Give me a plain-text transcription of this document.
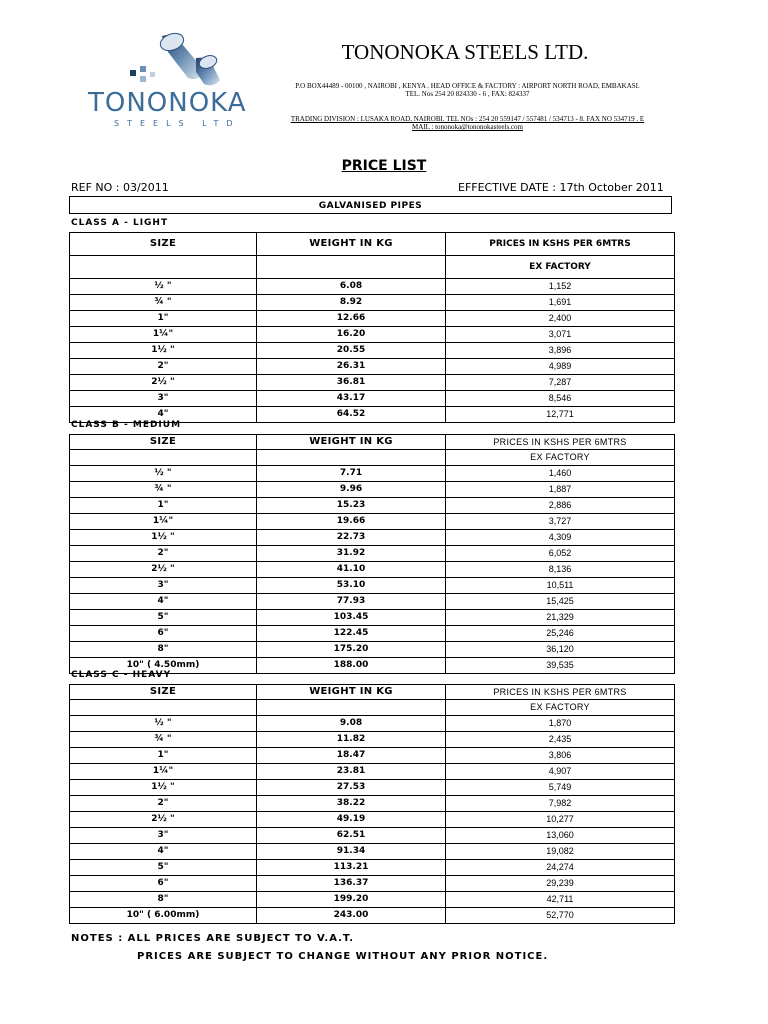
TONONOKA
STEELS LTD
TONONOKA STEELS LTD.
P.O BOX44489 - 00100 , NAIROBI , KENYA . HEAD OFFICE & FACTORY : AIRPORT NORTH ROAD, EMBAKASI.
TEL. Nos 254 20 824330 - 6 , FAX: 824337
TRADING DIVISION : LUSAKA ROAD, NAIROBI. TEL NOs : 254 20 559147 / 557481 / 534713 - 8. FAX NO 534719 . E
MAIL : tononoka@tononokasteels.com
PRICE LIST
REF NO : 03/2011	EFFECTIVE DATE : 17th October 2011
GALVANISED PIPES
CLASS A - LIGHT
SIZE	WEIGHT IN KG	PRICES IN KSHS PER 6MTRS
		EX FACTORY
½ "	6.08	1,152
¾ "	8.92	1,691
1"	12.66	2,400
1¼"	16.20	3,071
1½ "	20.55	3,896
2"	26.31	4,989
2½ "	36.81	7,287
3"	43.17	8,546
4"	64.52	12,771
CLASS B - MEDIUM
SIZE	WEIGHT IN KG	PRICES IN KSHS PER 6MTRS
		EX FACTORY
½ "	7.71	1,460
¾ "	9.96	1,887
1"	15.23	2,886
1¼"	19.66	3,727
1½ "	22.73	4,309
2"	31.92	6,052
2½ "	41.10	8,136
3"	53.10	10,511
4"	77.93	15,425
5"	103.45	21,329
6"	122.45	25,246
8"	175.20	36,120
10" ( 4.50mm)	188.00	39,535
CLASS C - HEAVY
SIZE	WEIGHT IN KG	PRICES IN KSHS PER 6MTRS
		EX FACTORY
½ "	9.08	1,870
¾ "	11.82	2,435
1"	18.47	3,806
1¼"	23.81	4,907
1½ "	27.53	5,749
2"	38.22	7,982
2½ "	49.19	10,277
3"	62.51	13,060
4"	91.34	19,082
5"	113.21	24,274
6"	136.37	29,239
8"	199.20	42,711
10" ( 6.00mm)	243.00	52,770
NOTES : ALL PRICES ARE SUBJECT TO V.A.T.
PRICES ARE SUBJECT TO CHANGE WITHOUT ANY PRIOR NOTICE.
